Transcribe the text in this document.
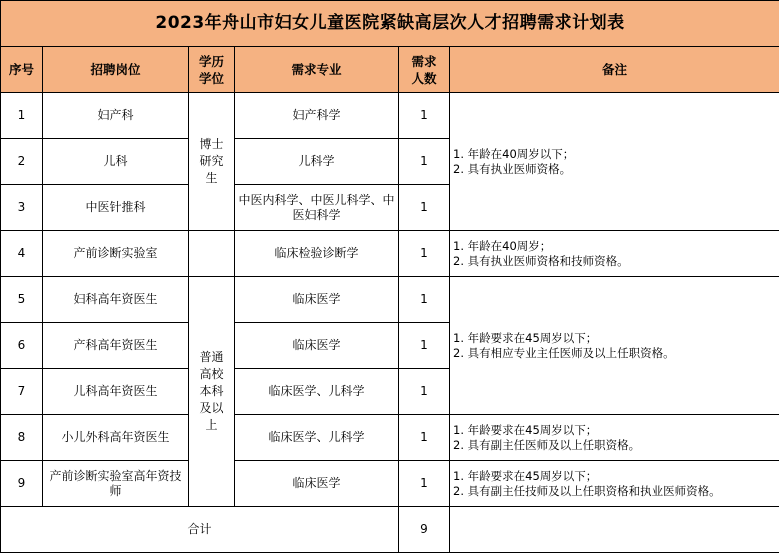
2023年舟山市妇女儿童医院紧缺高层次人才招聘需求计划表					
序号	招聘岗位	学历学位	需求专业	需求人数	备注
1	妇产科	博士研究生	妇产科学	1	1. 年龄在40周岁以下；
2. 具有执业医师资格。

2	儿科		儿科学	1	
3	中医针推科		中医内科学、中医儿科学、中医妇科学	1	
4	产前诊断实验室		临床检验诊断学	1	1. 年龄在40周岁；
2. 具有执业医师资格和技师资格。

5	妇科高年资医生	普通高校本科及以上	临床医学	1	1. 年龄要求在45周岁以下；
2. 具有相应专业主任医师及以上任职资格。

6	产科高年资医生		临床医学	1	
7	儿科高年资医生		临床医学、儿科学	1	
8	小儿外科高年资医生		临床医学、儿科学	1	1. 年龄要求在45周岁以下；
2. 具有副主任医师及以上任职资格。

9	产前诊断实验室高年资技师		临床医学	1	1. 年龄要求在45周岁以下；
2. 具有副主任技师及以上任职资格和执业医师资格。

合计				9	
